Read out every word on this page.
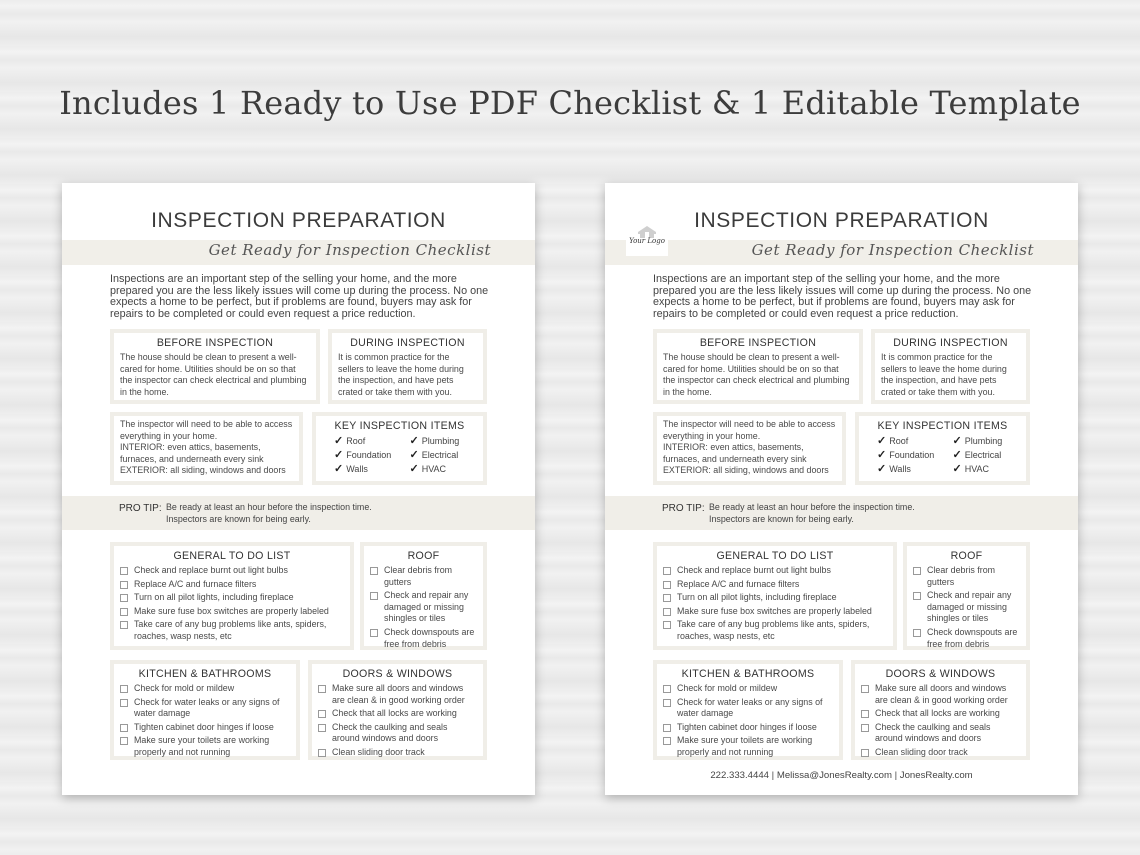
Includes 1 Ready to Use PDF Checklist & 1 Editable Template
INSPECTION PREPARATION
Get Ready for Inspection Checklist
Inspections are an important step of the selling your home, and the more prepared you are the less likely issues will come up during the process. No one expects a home to be perfect, but if problems are found, buyers may ask for repairs to be completed or could even request a price reduction.
BEFORE INSPECTION
The house should be clean to present a well-cared for home. Utilities should be on so that the inspector can check electrical and plumbing in the home.
DURING INSPECTION
It is common practice for the sellers to leave the home during the inspection, and have pets crated or take them with you.
The inspector will need to be able to access everything in your home.
INTERIOR: even attics, basements, furnaces, and underneath every sink
EXTERIOR: all siding, windows and doors
KEY INSPECTION ITEMS
✓ Roof	✓ Plumbing
✓ Foundation ✓ Electrical
✓ Walls	✓ HVAC
PRO TIP: Be ready at least an hour before the inspection time.
Inspectors are known for being early.
GENERAL TO DO LIST
Check and replace burnt out light bulbs
Replace A/C and furnace filters
Turn on all pilot lights, including fireplace
Make sure fuse box switches are properly labeled
Take care of any bug problems like ants, spiders, roaches, wasp nests, etc
ROOF
Clear debris from gutters
Check and repair any damaged or missing shingles or tiles
Check downspouts are free from debris
KITCHEN & BATHROOMS
Check for mold or mildew
Check for water leaks or any signs of water damage
Tighten cabinet door hinges if loose
Make sure your toilets are working properly and not running
DOORS & WINDOWS
Make sure all doors and windows are clean & in good working order
Check that all locks are working
Check the caulking and seals around windows and doors
Clean sliding door track
INSPECTION PREPARATION
Get Ready for Inspection Checklist
Inspections are an important step of the selling your home, and the more prepared you are the less likely issues will come up during the process. No one expects a home to be perfect, but if problems are found, buyers may ask for repairs to be completed or could even request a price reduction.
BEFORE INSPECTION
The house should be clean to present a well-cared for home. Utilities should be on so that the inspector can check electrical and plumbing in the home.
DURING INSPECTION
It is common practice for the sellers to leave the home during the inspection, and have pets crated or take them with you.
The inspector will need to be able to access everything in your home.
INTERIOR: even attics, basements, furnaces, and underneath every sink
EXTERIOR: all siding, windows and doors
KEY INSPECTION ITEMS
✓ Roof	✓ Plumbing
✓ Foundation ✓ Electrical
✓ Walls	✓ HVAC
PRO TIP: Be ready at least an hour before the inspection time.
Inspectors are known for being early.
GENERAL TO DO LIST
Check and replace burnt out light bulbs
Replace A/C and furnace filters
Turn on all pilot lights, including fireplace
Make sure fuse box switches are properly labeled
Take care of any bug problems like ants, spiders, roaches, wasp nests, etc
ROOF
Clear debris from gutters
Check and repair any damaged or missing shingles or tiles
Check downspouts are free from debris
KITCHEN & BATHROOMS
Check for mold or mildew
Check for water leaks or any signs of water damage
Tighten cabinet door hinges if loose
Make sure your toilets are working properly and not running
DOORS & WINDOWS
Make sure all doors and windows are clean & in good working order
Check that all locks are working
Check the caulking and seals around windows and doors
Clean sliding door track
Your Logo
222.333.4444 | Melissa@JonesRealty.com | JonesRealty.com
